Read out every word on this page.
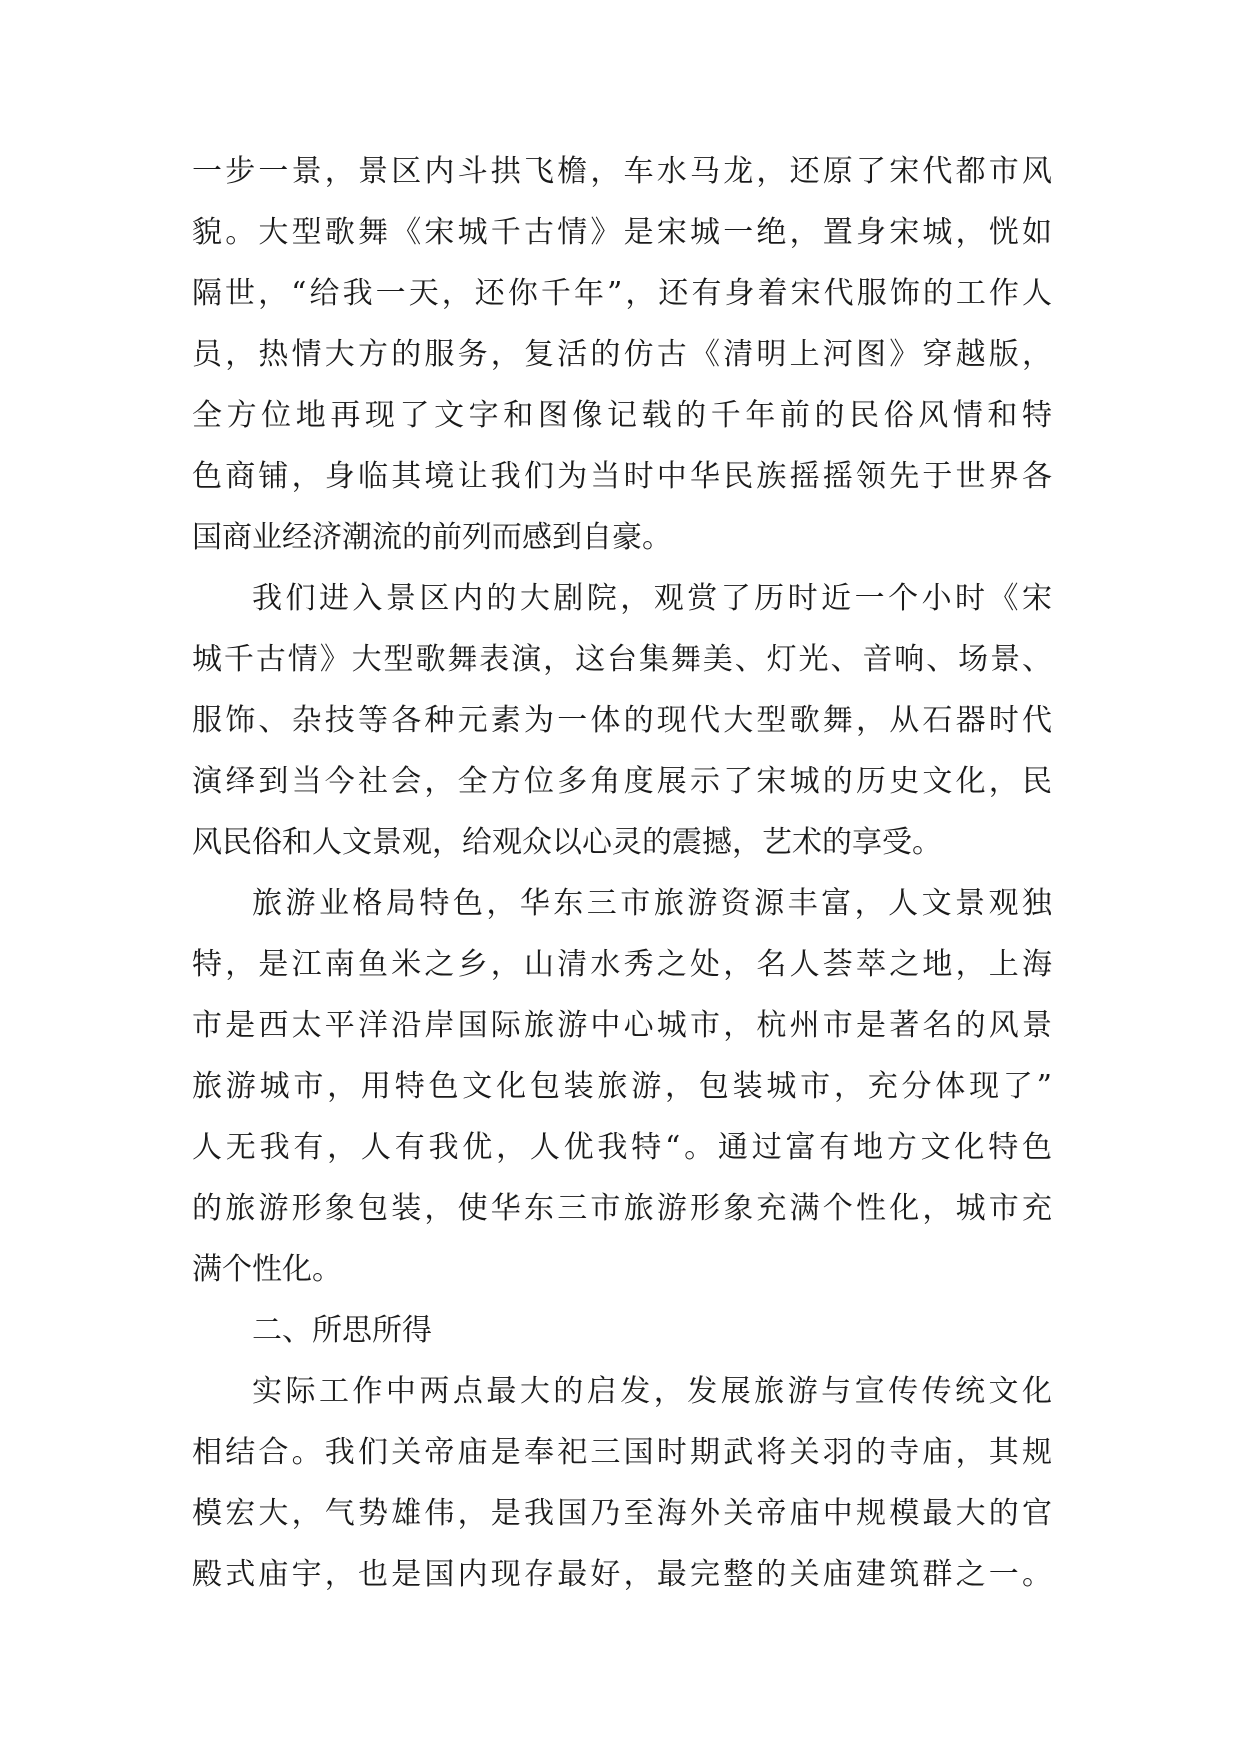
一步一景，景区内斗拱飞檐，车水马龙，还原了宋代都市风
貌。大型歌舞《宋城千古情》是宋城一绝，置身宋城，恍如
隔世，“给我一天，还你千年”，还有身着宋代服饰的工作人
员，热情大方的服务，复活的仿古《清明上河图》穿越版，
全方位地再现了文字和图像记载的千年前的民俗风情和特
色商铺，身临其境让我们为当时中华民族摇摇领先于世界各
国商业经济潮流的前列而感到自豪。
我们进入景区内的大剧院，观赏了历时近一个小时《宋
城千古情》大型歌舞表演，这台集舞美、灯光、音响、场景、
服饰、杂技等各种元素为一体的现代大型歌舞，从石器时代
演绎到当今社会，全方位多角度展示了宋城的历史文化，民
风民俗和人文景观，给观众以心灵的震撼，艺术的享受。
旅游业格局特色，华东三市旅游资源丰富，人文景观独
特，是江南鱼米之乡，山清水秀之处，名人荟萃之地，上海
市是西太平洋沿岸国际旅游中心城市，杭州市是著名的风景
旅游城市，用特色文化包装旅游，包装城市，充分体现了”
人无我有，人有我优，人优我特“。通过富有地方文化特色
的旅游形象包装，使华东三市旅游形象充满个性化，城市充
满个性化。
二、所思所得
实际工作中两点最大的启发，发展旅游与宣传传统文化
相结合。我们关帝庙是奉祀三国时期武将关羽的寺庙，其规
模宏大，气势雄伟，是我国乃至海外关帝庙中规模最大的官
殿式庙宇，也是国内现存最好，最完整的关庙建筑群之一。
